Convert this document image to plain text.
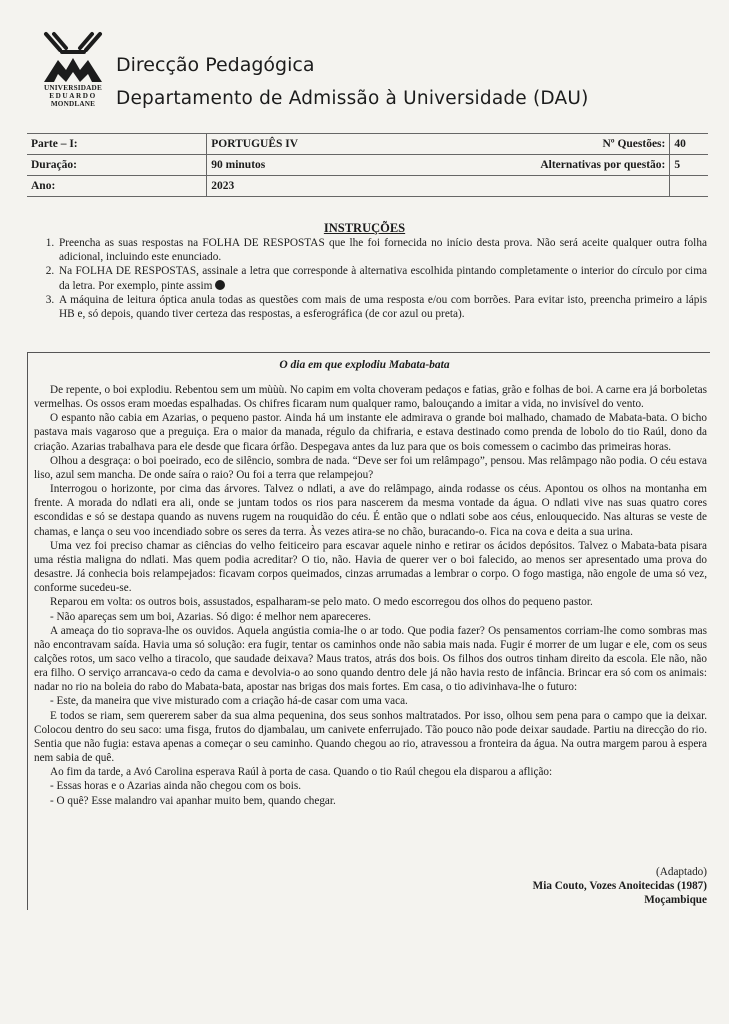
UNIVERSIDADE
EDUARDO
MONDLANE
Direcção Pedagógica
Departamento de Admissão à Universidade (DAU)
Parte – I:	PORTUGUÊS IV	Nº Questões:	40
Duração:	90 minutos	Alternativas por questão:	5
Ano:	2023		
INSTRUÇÕES
1. Preencha as suas respostas na FOLHA DE RESPOSTAS que lhe foi fornecida no início desta prova. Não será aceite qualquer outra folha adicional, incluindo este enunciado.
2. Na FOLHA DE RESPOSTAS, assinale a letra que corresponde à alternativa escolhida pintando completamente o interior do círculo por cima da letra. Por exemplo, pinte assim
3. A máquina de leitura óptica anula todas as questões com mais de uma resposta e/ou com borrões. Para evitar isto, preencha primeiro a lápis HB e, só depois, quando tiver certeza das respostas, a esferográfica (de cor azul ou preta).
O dia em que explodiu Mabata-bata

De repente, o boi explodiu. Rebentou sem um mùùù. No capim em volta choveram pedaços e fatias, grão e folhas de boi. A carne era já borboletas vermelhas. Os ossos eram moedas espalhadas. Os chifres ficaram num qualquer ramo, balouçando a imitar a vida, no invisível do vento.

O espanto não cabia em Azarias, o pequeno pastor. Ainda há um instante ele admirava o grande boi malhado, chamado de Mabata-bata. O bicho pastava mais vagaroso que a preguiça. Era o maior da manada, régulo da chifraria, e estava destinado como prenda de lobolo do tio Raúl, dono da criação. Azarias trabalhava para ele desde que ficara órfão. Despegava antes da luz para que os bois comessem o cacimbo das primeiras horas.

Olhou a desgraça: o boi poeirado, eco de silêncio, sombra de nada. “Deve ser foi um relâmpago”, pensou. Mas relâmpago não podia. O céu estava liso, azul sem mancha. De onde saíra o raio? Ou foi a terra que relampejou?

Interrogou o horizonte, por cima das árvores. Talvez o ndlati, a ave do relâmpago, ainda rodasse os céus. Apontou os olhos na montanha em frente. A morada do ndlati era ali, onde se juntam todos os rios para nascerem da mesma vontade da água. O ndlati vive nas suas quatro cores escondidas e só se destapa quando as nuvens rugem na rouquidão do céu. É então que o ndlati sobe aos céus, enlouquecido. Nas alturas se veste de chamas, e lança o seu voo incendiado sobre os seres da terra. Às vezes atira-se no chão, buracando-o. Fica na cova e deita a sua urina.

Uma vez foi preciso chamar as ciências do velho feiticeiro para escavar aquele ninho e retirar os ácidos depósitos. Talvez o Mabata-bata pisara uma réstia maligna do ndlati. Mas quem podia acreditar? O tio, não. Havia de querer ver o boi falecido, ao menos ser apresentado uma prova do desastre. Já conhecia bois relampejados: ficavam corpos queimados, cinzas arrumadas a lembrar o corpo. O fogo mastiga, não engole de uma só vez, conforme sucedeu-se.

Reparou em volta: os outros bois, assustados, espalharam-se pelo mato. O medo escorregou dos olhos do pequeno pastor.

- Não apareças sem um boi, Azarias. Só digo: é melhor nem apareceres.

A ameaça do tio soprava-lhe os ouvidos. Aquela angústia comia-lhe o ar todo. Que podia fazer? Os pensamentos corriam-lhe como sombras mas não encontravam saída. Havia uma só solução: era fugir, tentar os caminhos onde não sabia mais nada. Fugir é morrer de um lugar e ele, com os seus calções rotos, um saco velho a tiracolo, que saudade deixava? Maus tratos, atrás dos bois. Os filhos dos outros tinham direito da escola. Ele não, não era filho. O serviço arrancava-o cedo da cama e devolvia-o ao sono quando dentro dele já não havia resto de infância. Brincar era só com os animais: nadar no rio na boleia do rabo do Mabata-bata, apostar nas brigas dos mais fortes. Em casa, o tio adivinhava-lhe o futuro:

- Este, da maneira que vive misturado com a criação há-de casar com uma vaca.

E todos se riam, sem quererem saber da sua alma pequenina, dos seus sonhos maltratados. Por isso, olhou sem pena para o campo que ia deixar. Colocou dentro do seu saco: uma fisga, frutos do djambalau, um canivete enferrujado. Tão pouco não pode deixar saudade. Partiu na direcção do rio. Sentia que não fugia: estava apenas a começar o seu caminho. Quando chegou ao rio, atravessou a fronteira da água. Na outra margem parou à espera nem sabia de quê.

Ao fim da tarde, a Avó Carolina esperava Raúl à porta de casa. Quando o tio Raúl chegou ela disparou a aflição:

- Essas horas e o Azarias ainda não chegou com os bois.

- O quê? Esse malandro vai apanhar muito bem, quando chegar.

(Adaptado)
Mia Couto, Vozes Anoitecidas (1987)
Moçambique
